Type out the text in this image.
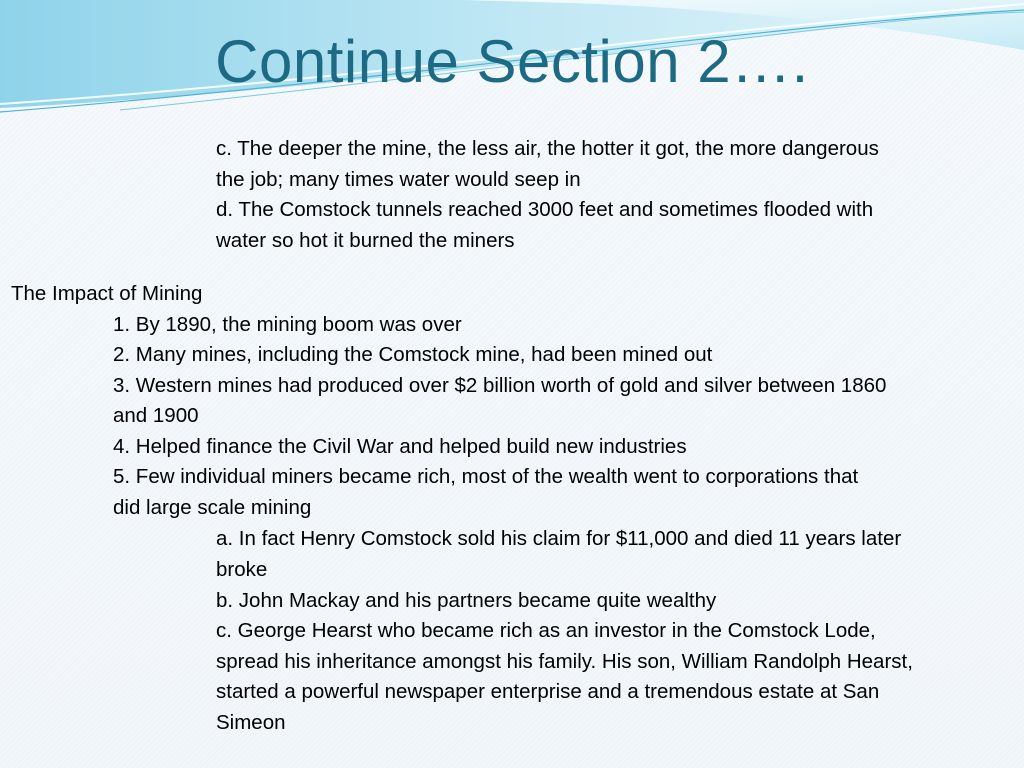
Continue Section 2….
c. The deeper the mine, the less air, the hotter it got, the more dangerous
the job; many times water would seep in
d. The Comstock tunnels reached 3000 feet and sometimes flooded with
water so hot it burned the miners
The Impact of Mining
1. By 1890, the mining boom was over
2. Many mines, including the Comstock mine, had been mined out
3. Western mines had produced over $2 billion worth of gold and silver between 1860
and 1900
4. Helped finance the Civil War and helped build new industries
5. Few individual miners became rich, most of the wealth went to corporations that
did large scale mining
a. In fact Henry Comstock sold his claim for $11,000 and died 11 years later
broke
b. John Mackay and his partners became quite wealthy
c. George Hearst who became rich as an investor in the Comstock Lode,
spread his inheritance amongst his family. His son, William Randolph Hearst,
started a powerful newspaper enterprise and a tremendous estate at San
Simeon
